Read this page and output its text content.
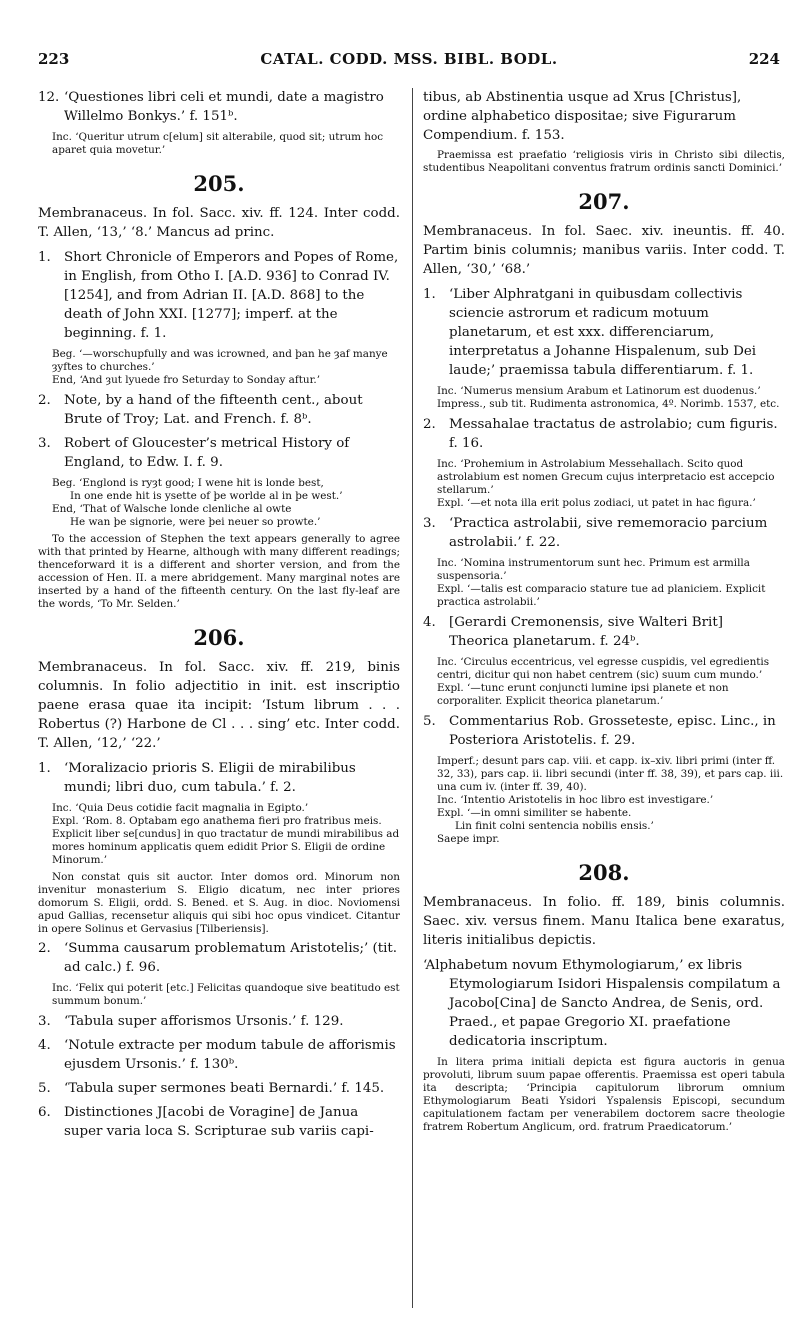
223	CATAL. CODD. MSS. BIBL. BODL.	224
12. ‘Questiones libri celi et mundi, date a magistro Willelmo Bonkys.’ f. 151ᵇ.

Inc. ‘Queritur utrum c[elum] sit alterabile, quod sit; utrum hoc aparet quia movetur.’

205.
Membranaceus. In fol. Sacc. xiv. ff. 124. Inter codd. T. Allen, ‘13,’ ‘8.’ Mancus ad princ.
1. Short Chronicle of Emperors and Popes of Rome, in English, from Otho I. [A.D. 936] to Conrad IV. [1254], and from Adrian II. [A.D. 868] to the death of John XXI. [1277]; imperf. at the beginning. f. 1.

Beg. ‘—worschupfully and was icrowned, and þan he ȝaf manye ȝyftes to churches.’

End, ‘And ȝut lyuede fro Seturday to Sonday aftur.’

2. Note, by a hand of the fifteenth cent., about Brute of Troy; Lat. and French. f. 8ᵇ.
3. Robert of Gloucester’s metrical History of England, to Edw. I. f. 9.

Beg. ‘Englond is ryȝt good; I wene hit is londe best,

In one ende hit is ysette of þe worlde al in þe west.’

End, ‘That of Walsche londe clenliche al owte

He wan þe signorie, were þei neuer so prowte.’

To the accession of Stephen the text appears generally to agree with that printed by Hearne, although with many different readings; thenceforward it is a different and shorter version, and from the accession of Hen. II. a mere abridgement. Many marginal notes are inserted by a hand of the fifteenth century. On the last fly-leaf are the words, ‘To Mr. Selden.’
206.
Membranaceus. In fol. Sacc. xiv. ff. 219, binis columnis. In folio adjectitio in init. est inscriptio paene erasa quae ita incipit: ‘Istum librum . . . Robertus (?) Harbone de Cl . . . sing’ etc. Inter codd. T. Allen, ‘12,’ ‘22.’
1. ‘Moralizacio prioris S. Eligii de mirabilibus mundi; libri duo, cum tabula.’ f. 2.

Inc. ‘Quia Deus cotidie facit magnalia in Egipto.’

Expl. ‘Rom. 8. Optabam ego anathema fieri pro fratribus meis. Explicit liber se[cundus] in quo tractatur de mundi mirabilibus ad mores hominum applicatis quem edidit Prior S. Eligii de ordine Minorum.’

Non constat quis sit auctor. Inter domos ord. Minorum non invenitur monasterium S. Eligio dicatum, nec inter priores domorum S. Eligii, ordd. S. Bened. et S. Aug. in dioc. Noviomensi apud Gallias, recensetur aliquis qui sibi hoc opus vindicet. Citantur in opere Solinus et Gervasius [Tilberiensis].
2. ‘Summa causarum problematum Aristotelis;’ (tit. ad calc.) f. 96.

Inc. ‘Felix qui poterit [etc.] Felicitas quandoque sive beatitudo est summum bonum.’

3. ‘Tabula super afforismos Ursonis.’ f. 129.
4. ‘Notule extracte per modum tabule de afforismis ejusdem Ursonis.’ f. 130ᵇ.
5. ‘Tabula super sermones beati Bernardi.’ f. 145.
6. Distinctiones J[acobi de Voragine] de Janua super varia loca S. Scripturae sub variis capi-
tibus, ab Abstinentia usque ad Xrus [Christus], ordine alphabetico dispositae; sive Figurarum Compendium. f. 153.
Praemissa est praefatio ‘religiosis viris in Christo sibi dilectis, studentibus Neapolitani conventus fratrum ordinis sancti Dominici.’
207.
Membranaceus. In fol. Saec. xiv. ineuntis. ff. 40. Partim binis columnis; manibus variis. Inter codd. T. Allen, ‘30,’ ‘68.’
1. ‘Liber Alphratgani in quibusdam collectivis sciencie astrorum et radicum motuum planetarum, et est xxx. differenciarum, interpretatus a Johanne Hispalenum, sub Dei laude;’ praemissa tabula differentiarum. f. 1.

Inc. ‘Numerus mensium Arabum et Latinorum est duodenus.’

Impress., sub tit. Rudimenta astronomica, 4º. Norimb. 1537, etc.

2. Messahalae tractatus de astrolabio; cum figuris. f. 16.

Inc. ‘Prohemium in Astrolabium Messehallach. Scito quod astrolabium est nomen Grecum cujus interpretacio est accepcio stellarum.’

Expl. ‘—et nota illa erit polus zodiaci, ut patet in hac figura.’

3. ‘Practica astrolabii, sive rememoracio parcium astrolabii.’ f. 22.

Inc. ‘Nomina instrumentorum sunt hec. Primum est armilla suspensoria.’

Expl. ‘—talis est comparacio stature tue ad planiciem. Explicit practica astrolabii.’

4. [Gerardi Cremonensis, sive Walteri Brit] Theorica planetarum. f. 24ᵇ.

Inc. ‘Circulus eccentricus, vel egresse cuspidis, vel egredientis centri, dicitur qui non habet centrem (sic) suum cum mundo.’

Expl. ‘—tunc erunt conjuncti lumine ipsi planete et non corporaliter. Explicit theorica planetarum.’

5. Commentarius Rob. Grosseteste, episc. Linc., in Posteriora Aristotelis. f. 29.

Imperf.; desunt pars cap. viii. et capp. ix–xiv. libri primi (inter ff. 32, 33), pars cap. ii. libri secundi (inter ff. 38, 39), et pars cap. iii. una cum iv. (inter ff. 39, 40).

Inc. ‘Intentio Aristotelis in hoc libro est investigare.’

Expl. ‘—in omni similiter se habente.

Lin finit colni sentencia nobilis ensis.’

Saepe impr.

208.
Membranaceus. In folio. ff. 189, binis columnis. Saec. xiv. versus finem. Manu Italica bene exaratus, literis initialibus depictis.
‘Alphabetum novum Ethymologiarum,’ ex libris Etymologiarum Isidori Hispalensis compilatum a Jacobo[Cina] de Sancto Andrea, de Senis, ord. Praed., et papae Gregorio XI. praefatione dedicatoria inscriptum.
In litera prima initiali depicta est figura auctoris in genua provoluti, librum suum papae offerentis. Praemissa est operi tabula ita descripta; ‘Principia capitulorum librorum omnium Ethymologiarum Beati Ysidori Yspalensis Episcopi, secundum capitulationem factam per venerabilem doctorem sacre theologie fratrem Robertum Anglicum, ord. fratrum Praedicatorum.’
